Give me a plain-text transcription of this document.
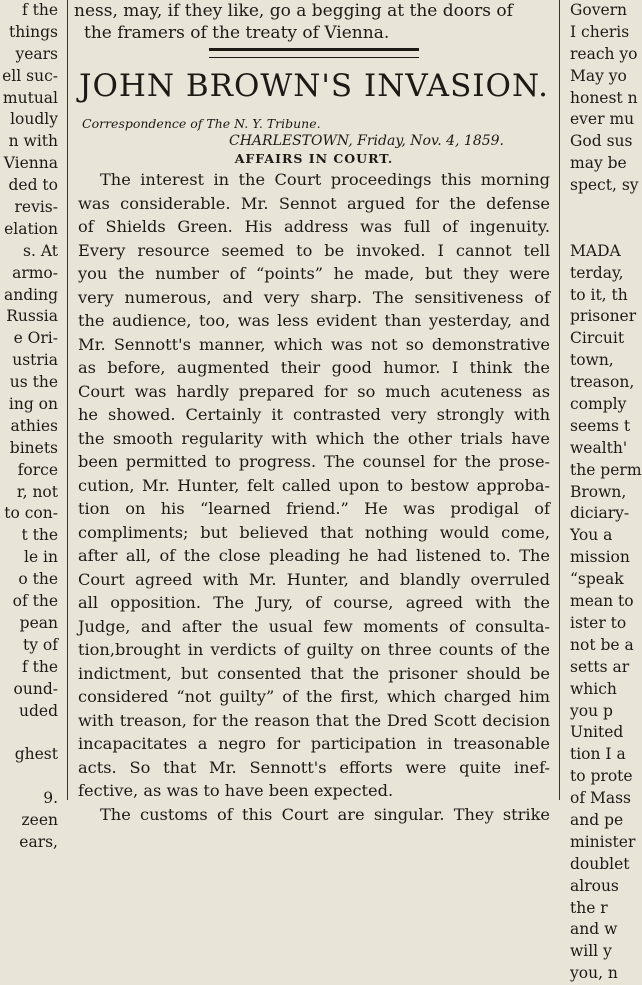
f the
things
years
ell suc-
mutual
loudly
n with
Vienna
ded to
revis-
elation
s. At
armo-
anding
Russia
e Ori-
ustria
us the
ing on
athies
binets
force
r, not
to con-
t the
le in
o the
of the
pean
ty of
f the
ound-
uded
ghest
9.
zeen
ears,
ness, may, if they like, go a begging at the doors of
the framers of the treaty of Vienna.
JOHN BROWN'S INVASION.
Correspondence of The N. Y. Tribune.
CHARLESTOWN, Friday, Nov. 4, 1859.
AFFAIRS IN COURT.
The interest in the Court proceedings this morning
was considerable. Mr. Sennot argued for the defense
of Shields Green. His address was full of ingenuity.
Every resource seemed to be invoked. I cannot tell
you the number of “points” he made, but they were
very numerous, and very sharp. The sensitiveness of
the audience, too, was less evident than yesterday, and
Mr. Sennott's manner, which was not so demonstrative
as before, augmented their good humor. I think the
Court was hardly prepared for so much acuteness as
he showed. Certainly it contrasted very strongly with
the smooth regularity with which the other trials have
been permitted to progress. The counsel for the prose-
cution, Mr. Hunter, felt called upon to bestow approba-
tion on his “learned friend.” He was prodigal of
compliments; but believed that nothing would come,
after all, of the close pleading he had listened to. The
Court agreed with Mr. Hunter, and blandly overruled
all opposition. The Jury, of course, agreed with the
Judge, and after the usual few moments of consulta-
tion,brought in verdicts of guilty on three counts of the
indictment, but consented that the prisoner should be
considered “not guilty” of the first, which charged him
with treason, for the reason that the Dred Scott decision
incapacitates a negro for participation in treasonable
acts. So that Mr. Sennott's efforts were quite inef-
fective, as was to have been expected.
The customs of this Court are singular. They strike
Govern
I cheris
reach yo
May yo
honest n
ever mu
God sus
may be
spect, sy
MADA
terday,
to it, th
prisoner
Circuit
town,
treason,
comply
seems t
wealth'
the perm
Brown,
diciary-
You a
mission
“speak
mean to
ister to
not be a
setts ar
which
you p
United
tion I a
to prote
of Mass
and pe
minister
doublet
alrous
the r
and w
will y
you, n
